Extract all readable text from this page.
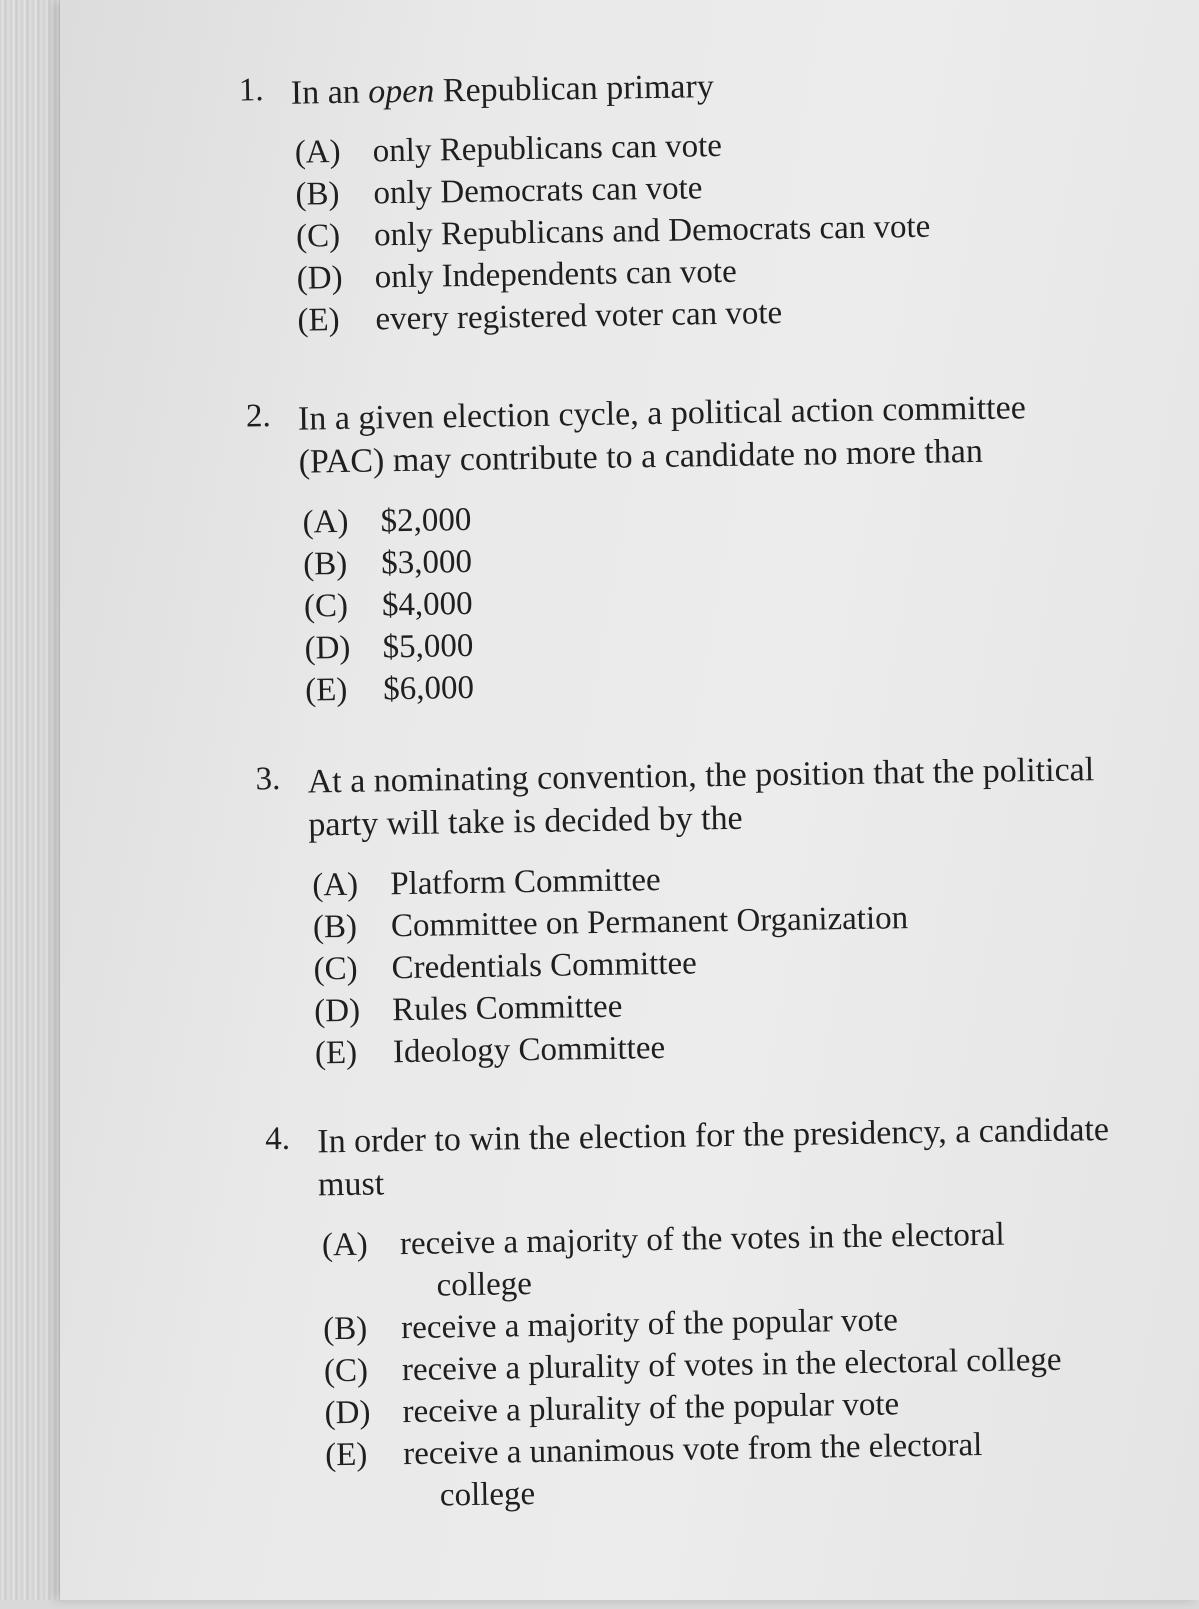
1. In an open Republican primary
(A) only Republicans can vote
(B) only Democrats can vote
(C) only Republicans and Democrats can vote
(D) only Independents can vote
(E) every registered voter can vote
2. In a given election cycle, a political action committee
(PAC) may contribute to a candidate no more than
(A) $2,000
(B) $3,000
(C) $4,000
(D) $5,000
(E) $6,000
3. At a nominating convention, the position that the political
party will take is decided by the
(A) Platform Committee
(B) Committee on Permanent Organization
(C) Credentials Committee
(D) Rules Committee
(E) Ideology Committee
4. In order to win the election for the presidency, a candidate
must
(A) receive a majority of the votes in the electoral
college
(B) receive a majority of the popular vote
(C) receive a plurality of votes in the electoral college
(D) receive a plurality of the popular vote
(E) receive a unanimous vote from the electoral
college
